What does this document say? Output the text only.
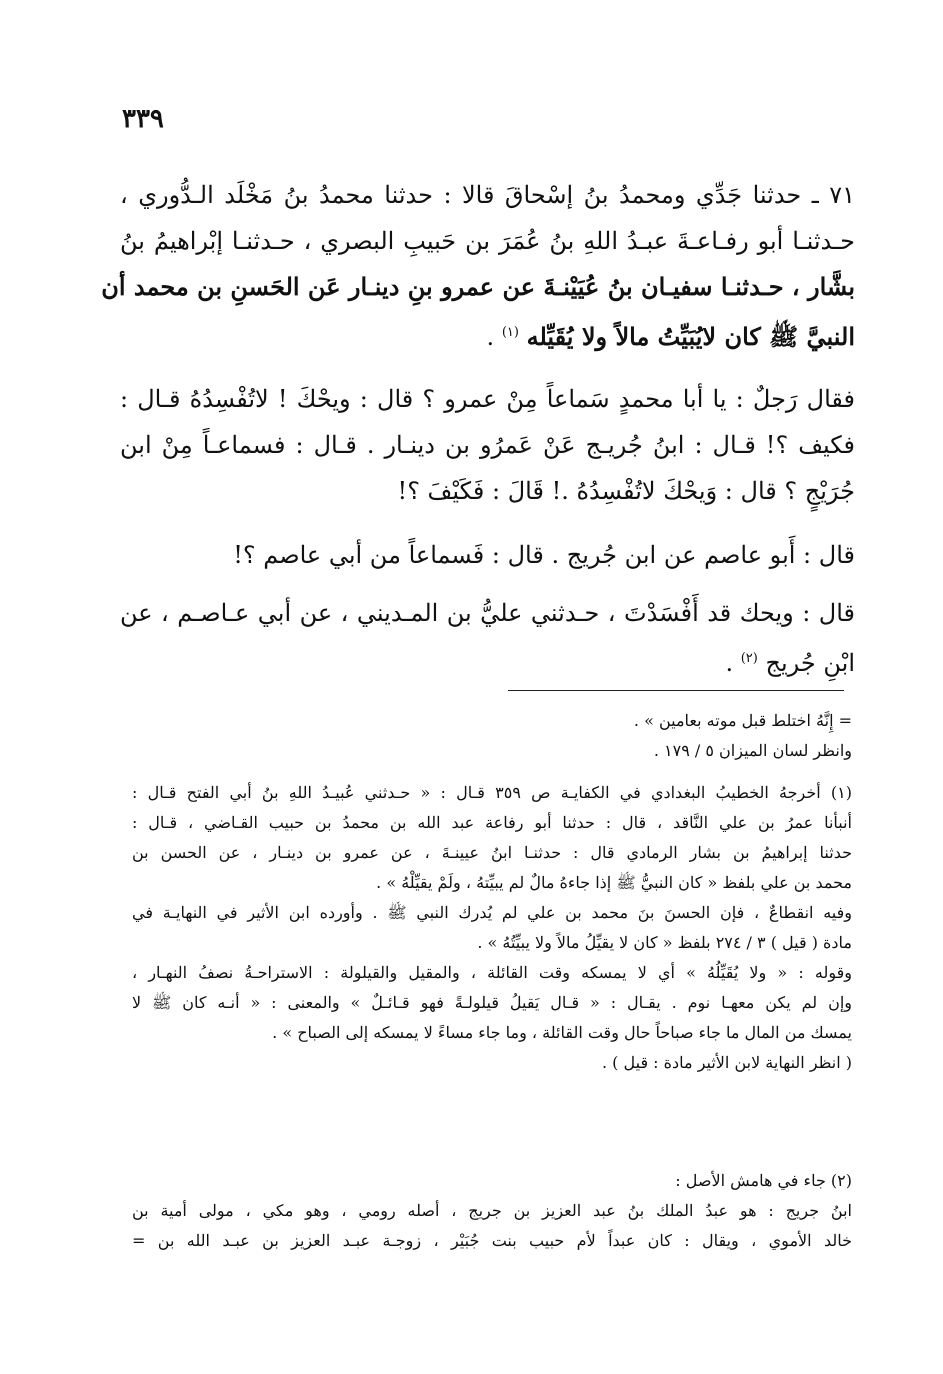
٣٣٩
٧١ ـ حدثنا جَدِّي ومحمدُ بنُ إسْحاقَ قالا : حدثنا محمدُ بنُ مَخْلَد الـدُّوري ،
حـدثنـا أبو رفـاعـةَ عبـدُ اللهِ بنُ عُمَرَ بن حَبيبِ البصري ، حـدثنـا إبْراهيمُ بنُ
بشَّار ، حـدثنـا سفيـان بنُ عُيَيْنـةَ عن عمرو بنِ دينـار عَن الحَسنِ بن محمد أن
النبيَّ ﷺ كان لايُبَيِّتُ مالاً ولا يُقَيِّله $^{(١)}$ .
فقال رَجلٌ : يا أبا محمدٍ سَماعاً مِنْ عمرو ؟ قال : ويحْكَ ! لاتُفْسِدُهُ قـال :
فكيف ؟! قـال : ابنُ جُريـج عَنْ عَمرُو بن دينـار . قـال : فسماعـاً مِنْ ابن
جُرَيْجٍ ؟ قال : وَيحْكَ لاتُفْسِدُهُ .! قَالَ : فَكَيْفَ ؟!
قال : أَبو عاصم عن ابن جُريج . قال : فَسماعاً من أبي عاصم ؟!
قال : ويحك قد أَفْسَدْتَ ، حـدثني عليُّ بن المـديني ، عن أبي عـاصـم ، عن
ابْنِ جُريج $^{(٢)}$ .
= إِنَّهُ اختلط قبل موته بعامين » .
وانظر لسان الميزان ٥ / ١٧٩ .
(١) أخرجهُ الخطيبُ البغدادي في الكفايـة ص ٣٥٩ قـال : « حـدثني عُبيـدُ اللهِ بنُ أبي الفتح قـال :
أنبأنا عمرُ بن علي النَّاقد ، قال : حدثنا أبو رفاعة عبد الله بن محمدُ بن حبيب القـاضي ، قـال :
حدثنا إبراهيمُ بن بشار الرمادي قال : حدثنـا ابنُ عيينـةَ ، عن عمرو بن دينـار ، عن الحسن بن
محمد بن علي بلفظ « كان النبيُّ ﷺ إذا جاءهُ مالٌ لم يبيِّتهُ ، ولَمْ يقيِّلْهُ » .
وفيه انقطاعٌ ، فإن الحسنَ بنَ محمد بن علي لم يُدرك النبي ﷺ . وأورده ابن الأثير في النهايـة في
مادة ( قيل ) ٣ / ٢٧٤ بلفظ « كان لا يقيِّلُ مالاً ولا يبيِّتُهُ » .
وقوله : « ولا يُقَيِّلُهُ » أي لا يمسكه وقت القائلة ، والمقيل والقيلولة : الاستراحـةُ نصفُ النهـار ،
وإن لم يكن معهـا نوم . يقـال : « قـال يَقيلُ قيلولـةً فهو قـائـلٌ » والمعنى : « أنـه كان ﷺ لا
يمسك من المال ما جاء صباحاً حال وقت القائلة ، وما جاء مساءً لا يمسكه إلى الصباح » .
( انظر النهاية لابن الأثير مادة : قيل ) .
(٢) جاء في هامش الأصل :
ابنُ جريج : هو عبدُ الملك بنُ عبد العزيز بن جريج ، أصله رومي ، وهو مكي ، مولى أمية بن
خالد الأموي ، ويقال : كان عبداً لأم حبيب بنت جُبَيْر ، زوجـة عبـد العزيز بن عبـد الله بن =
